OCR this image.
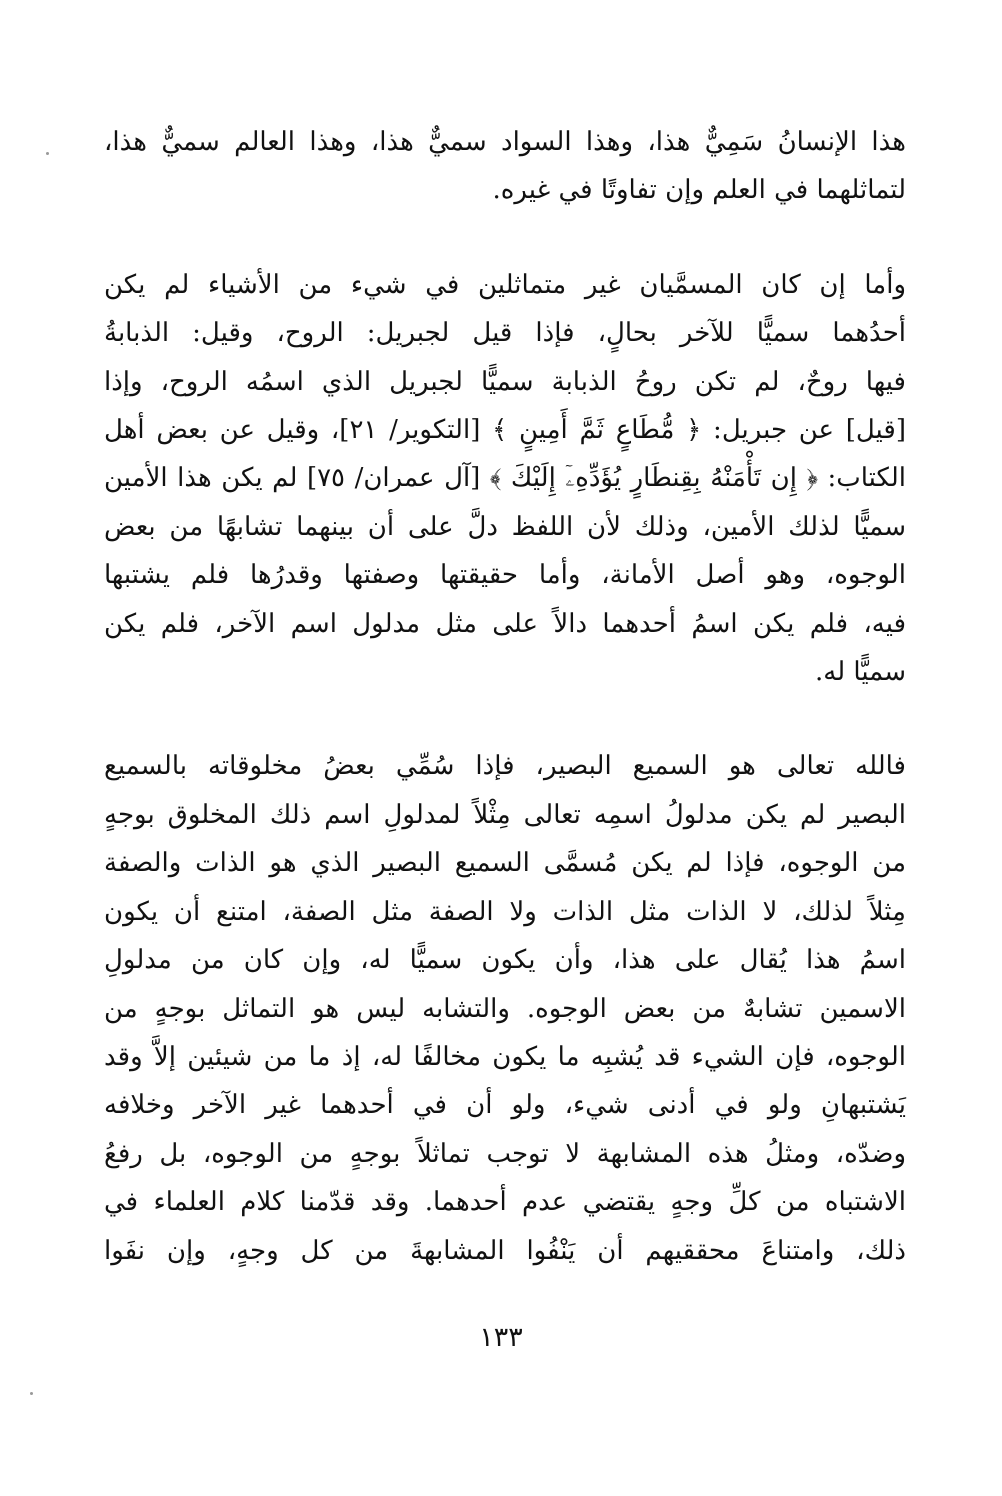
هذا الإنسانُ سَمِيٌّ هذا، وهذا السواد سميٌّ هذا، وهذا العالم سميٌّ هذا،
لتماثلهما في العلم وإن تفاوتًا في غيره.
وأما إن كان المسمَّيان غير متماثلين في شيء من الأشياء لم يكن
أحدُهما سميًّا للآخر بحالٍ، فإذا قيل لجبريل: الروح، وقيل: الذبابةُ
فيها روحٌ، لم تكن روحُ الذبابة سميًّا لجبريل الذي اسمُه الروح، وإذا
[قيل] عن جبريل: ﴿ مُّطَاعٍ ثَمَّ أَمِينٍ ﴾ [التكوير/ ٢١]، وقيل عن بعض أهل
الكتاب: ﴿ إِن تَأْمَنْهُ بِقِنطَارٍ يُؤَدِّهِۦٓ إِلَيْكَ ﴾ [آل عمران/ ٧٥] لم يكن هذا الأمين
سميًّا لذلك الأمين، وذلك لأن اللفظ دلَّ على أن بينهما تشابهًا من بعض
الوجوه، وهو أصل الأمانة، وأما حقيقتها وصفتها وقدرُها فلم يشتبها
فيه، فلم يكن اسمُ أحدهما دالاً على مثل مدلول اسم الآخر، فلم يكن
سميًّا له.
فالله تعالى هو السميع البصير، فإذا سُمِّي بعضُ مخلوقاته بالسميع
البصير لم يكن مدلولُ اسمِه تعالى مِثْلاً لمدلولِ اسم ذلك المخلوق بوجهٍ
من الوجوه، فإذا لم يكن مُسمَّى السميع البصير الذي هو الذات والصفة
مِثلاً لذلك، لا الذات مثل الذات ولا الصفة مثل الصفة، امتنع أن يكون
اسمُ هذا يُقال على هذا، وأن يكون سميًّا له، وإن كان من مدلولِ
الاسمين تشابهٌ من بعض الوجوه. والتشابه ليس هو التماثل بوجهٍ من
الوجوه، فإن الشيء قد يُشبِه ما يكون مخالفًا له، إذ ما من شيئين إلاَّ وقد
يَشتبهانِ ولو في أدنى شيء، ولو أن في أحدهما غير الآخر وخلافه
وضدّه، ومثلُ هذه المشابهة لا توجب تماثلاً بوجهٍ من الوجوه، بل رفعُ
الاشتباه من كلِّ وجهٍ يقتضي عدم أحدهما. وقد قدّمنا كلام العلماء في
ذلك، وامتناعَ محققيهم أن يَنْفُوا المشابهةَ من كل وجهٍ، وإن نفَوا
١٣٣
